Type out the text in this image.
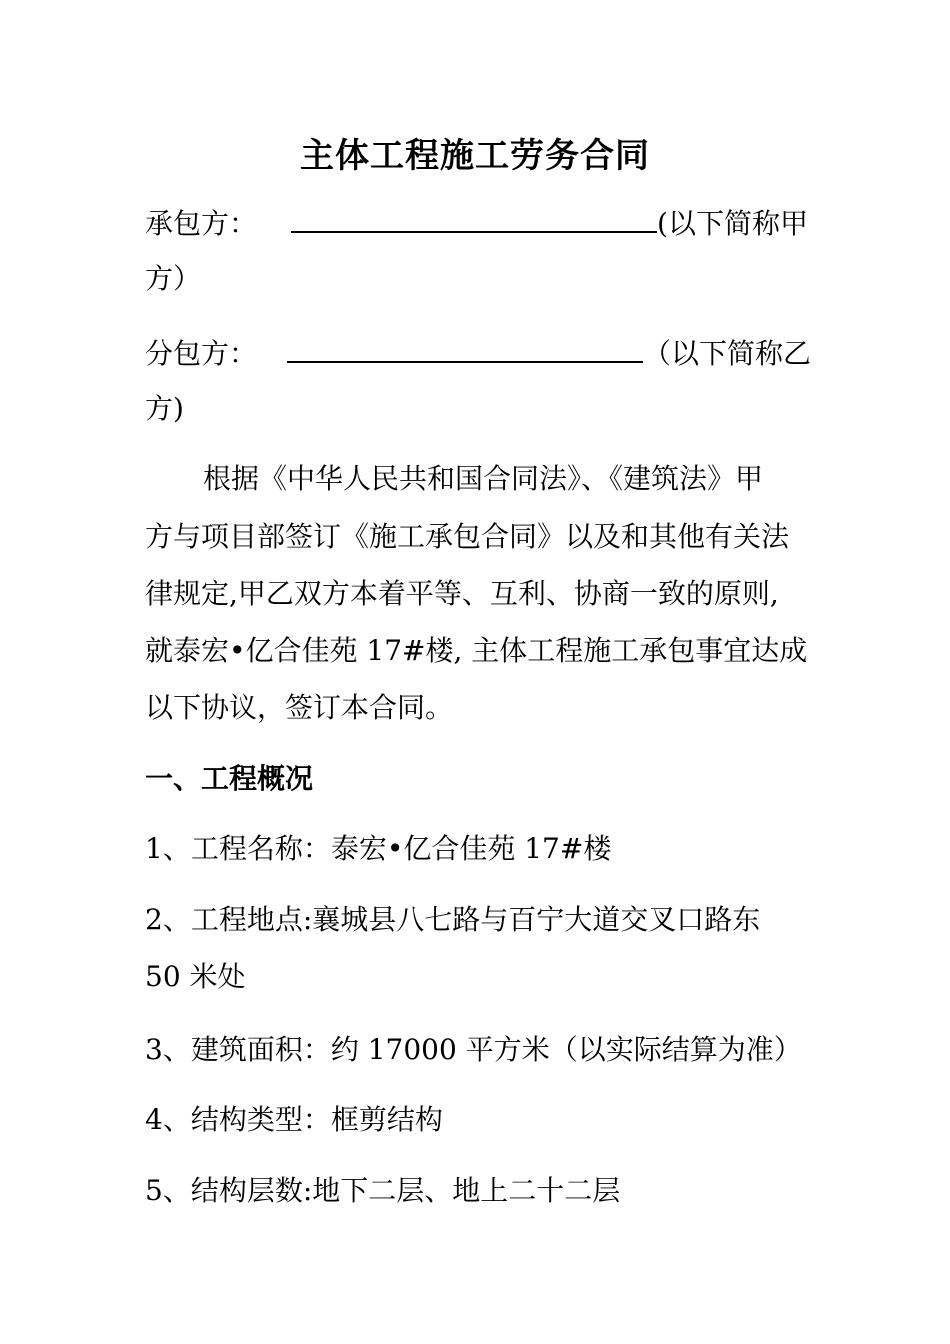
主体工程施工劳务合同
承包方：	(以下简称甲
方）
分包方：	（以下简称乙
方)
根据《中华人民共和国合同法》、《建筑法》甲
方与项目部签订《施工承包合同》以及和其他有关法
律规定,甲乙双方本着平等、互利、协商一致的原则,
就泰宏•亿合佳苑 17#楼, 主体工程施工承包事宜达成
以下协议，签订本合同。
一、工程概况
1、工程名称：泰宏•亿合佳苑 17#楼
2、工程地点:襄城县八七路与百宁大道交叉口路东
50 米处
3、建筑面积：约 17000 平方米（以实际结算为准）
4、结构类型：框剪结构
5、结构层数:地下二层、地上二十二层
